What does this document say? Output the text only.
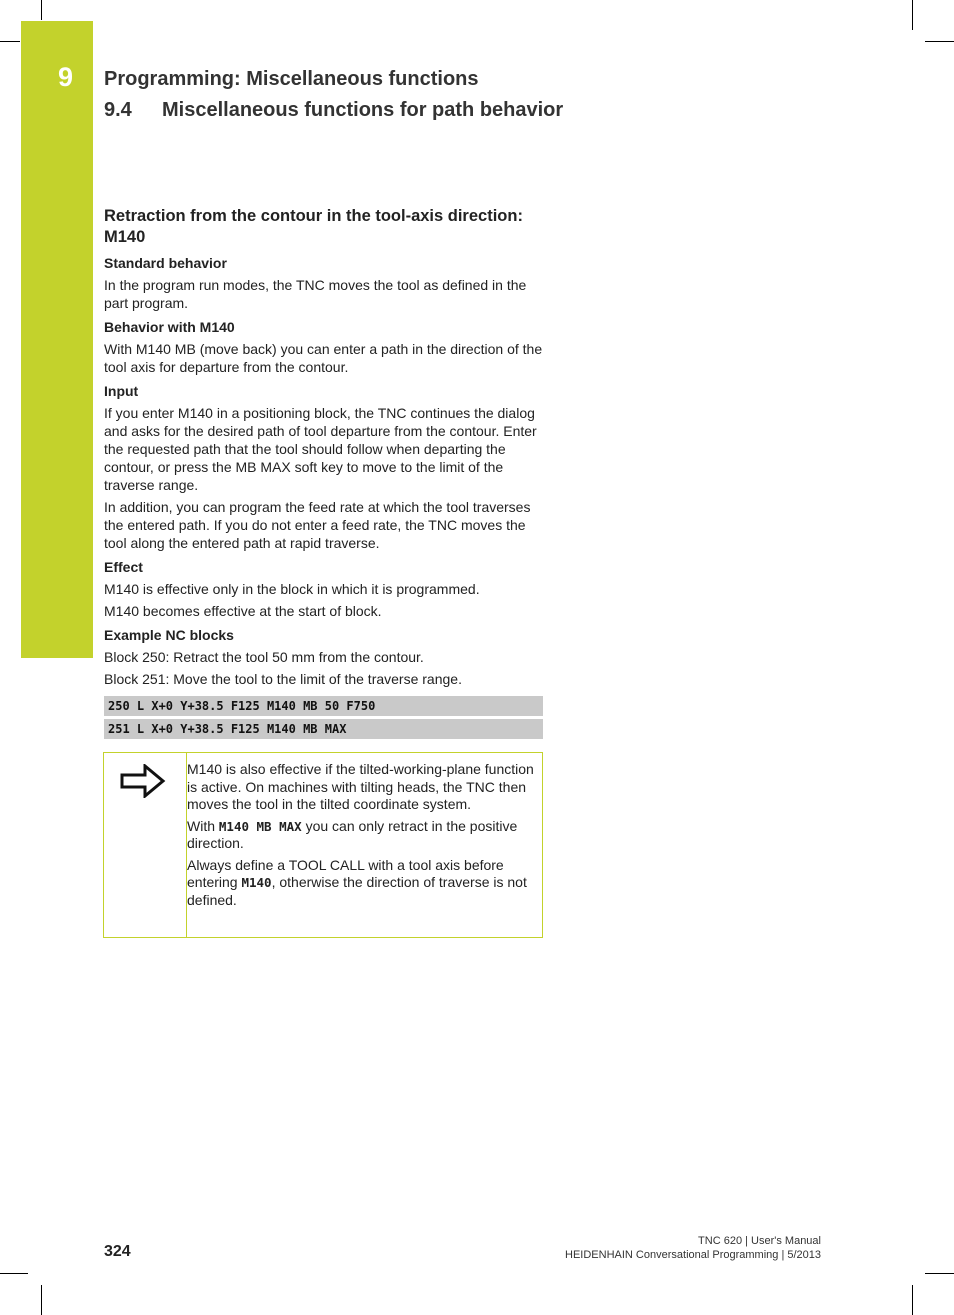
9 Programming: Miscellaneous functions
9.4 Miscellaneous functions for path behavior
Retraction from the contour in the tool-axis direction: M140
Standard behavior

In the program run modes, the TNC moves the tool as defined in the part program.

Behavior with M140

With M140 MB (move back) you can enter a path in the direction of the tool axis for departure from the contour.

Input

If you enter M140 in a positioning block, the TNC continues the dialog and asks for the desired path of tool departure from the contour. Enter the requested path that the tool should follow when departing the contour, or press the MB MAX soft key to move to the limit of the traverse range.

In addition, you can program the feed rate at which the tool traverses the entered path. If you do not enter a feed rate, the TNC moves the tool along the entered path at rapid traverse.

Effect

M140 is effective only in the block in which it is programmed.

M140 becomes effective at the start of block.

Example NC blocks

Block 250: Retract the tool 50 mm from the contour.

Block 251: Move the tool to the limit of the traverse range.

250 L X+0 Y+38.5 F125 M140 MB 50 F750
251 L X+0 Y+38.5 F125 M140 MB MAX

M140 is also effective if the tilted-working-plane function is active. On machines with tilting heads, the TNC then moves the tool in the tilted coordinate system.

With M140 MB MAX you can only retract in the positive direction.

Always define a TOOL CALL with a tool axis before entering M140, otherwise the direction of traverse is not defined.

324
TNC 620 | User's Manual
HEIDENHAIN Conversational Programming | 5/2013
